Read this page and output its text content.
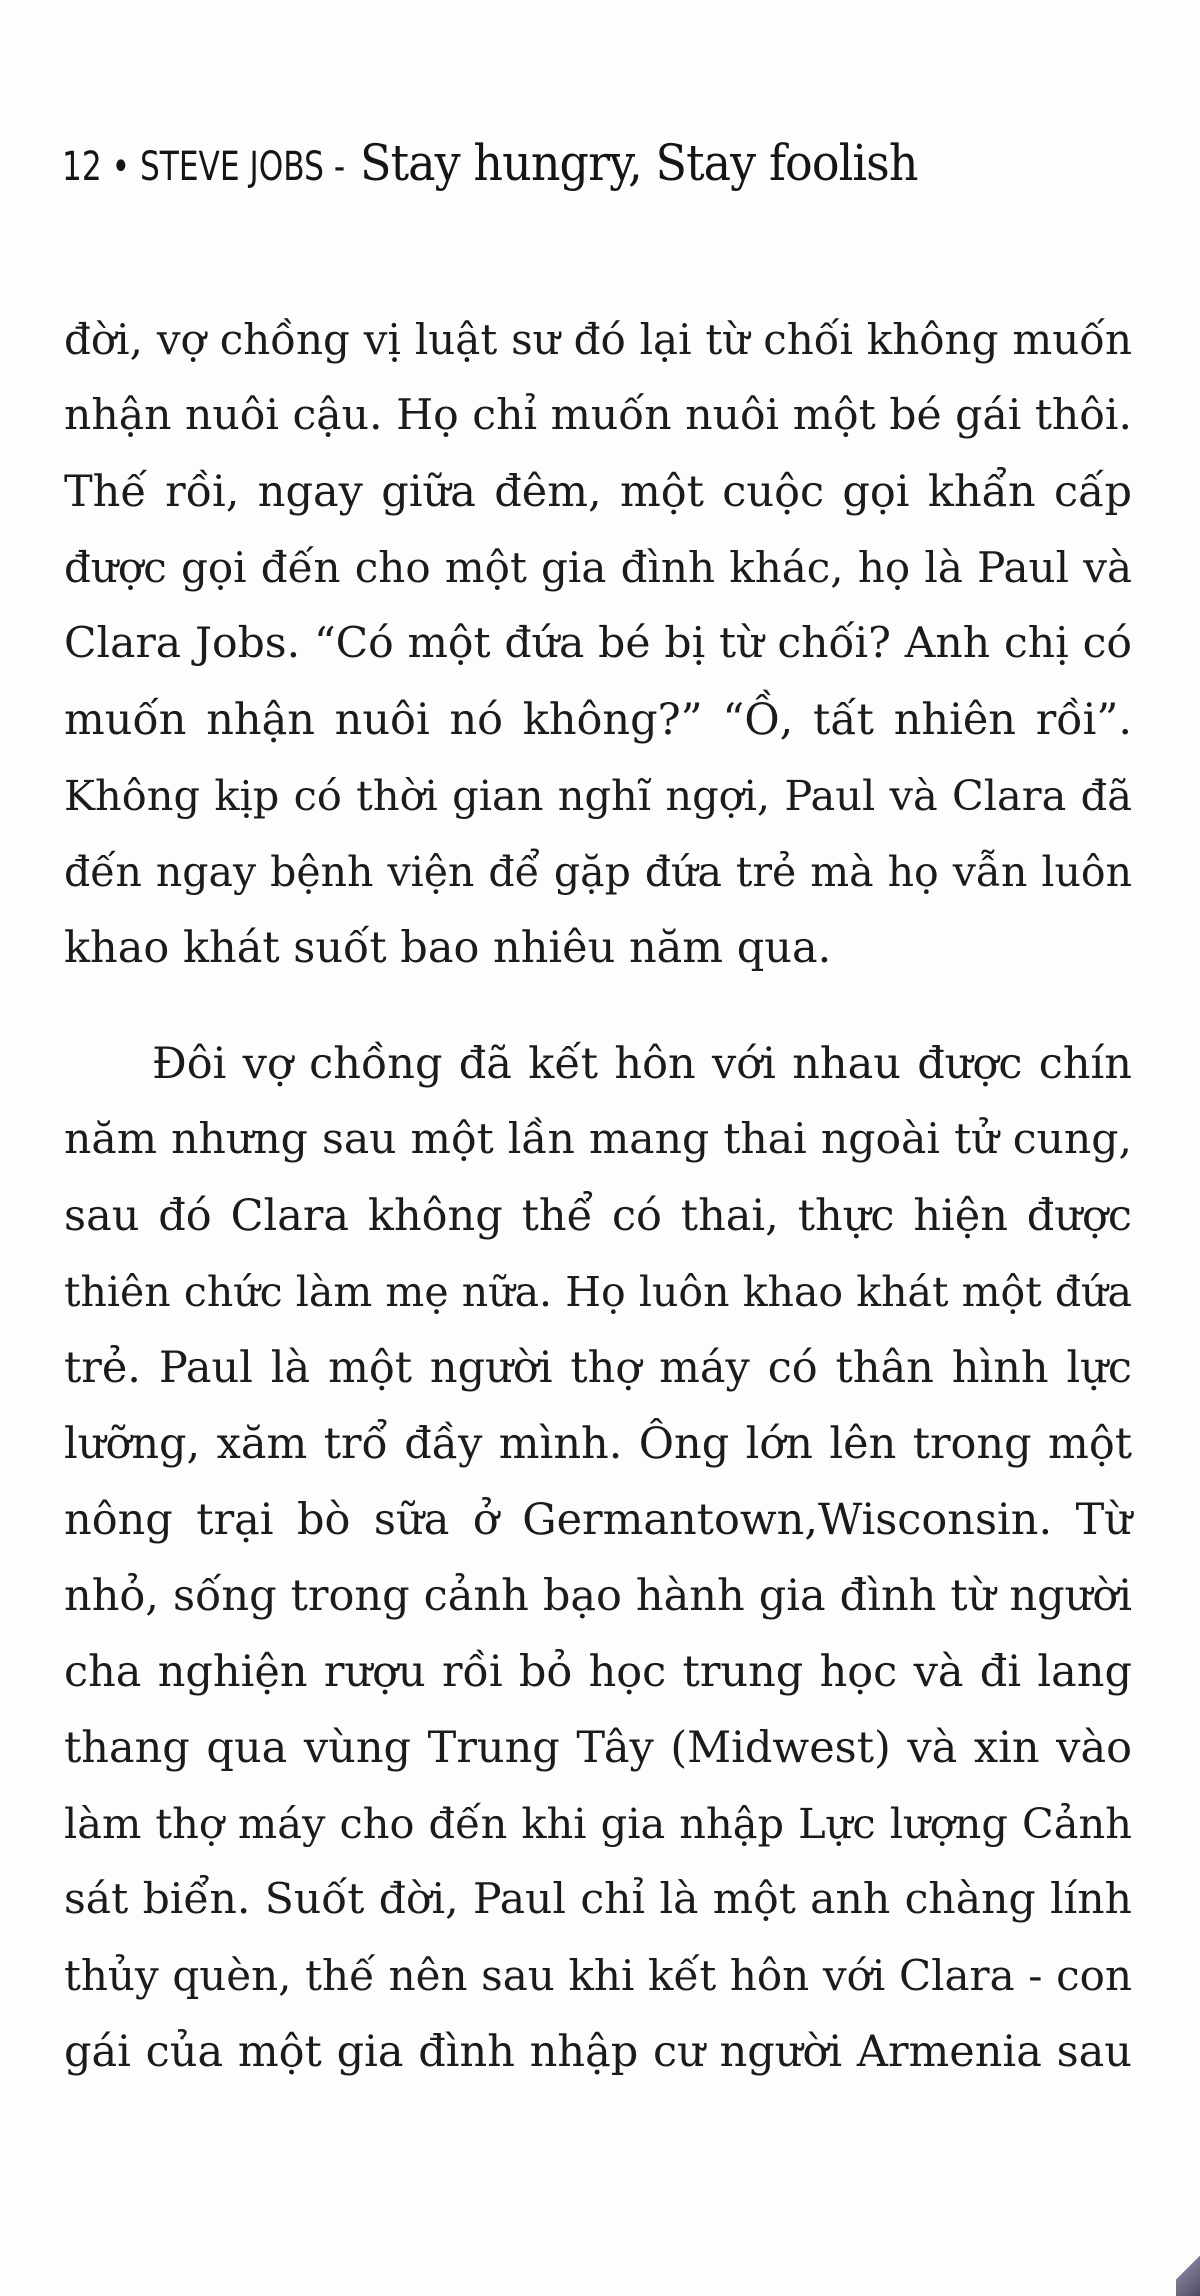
12 • STEVE JOBS - Stay hungry, Stay foolish
đời, vợ chồng vị luật sư đó lại từ chối không muốn
nhận nuôi cậu. Họ chỉ muốn nuôi một bé gái thôi.
Thế rồi, ngay giữa đêm, một cuộc gọi khẩn cấp
được gọi đến cho một gia đình khác, họ là Paul và
Clara Jobs. “Có một đứa bé bị từ chối? Anh chị có
muốn nhận nuôi nó không?” “Ồ, tất nhiên rồi”.
Không kịp có thời gian nghĩ ngợi, Paul và Clara đã
đến ngay bệnh viện để gặp đứa trẻ mà họ vẫn luôn
khao khát suốt bao nhiêu năm qua.
Đôi vợ chồng đã kết hôn với nhau được chín
năm nhưng sau một lần mang thai ngoài tử cung,
sau đó Clara không thể có thai, thực hiện được
thiên chức làm mẹ nữa. Họ luôn khao khát một đứa
trẻ. Paul là một người thợ máy có thân hình lực
lưỡng, xăm trổ đầy mình. Ông lớn lên trong một
nông trại bò sữa ở Germantown,Wisconsin. Từ
nhỏ, sống trong cảnh bạo hành gia đình từ người
cha nghiện rượu rồi bỏ học trung học và đi lang
thang qua vùng Trung Tây (Midwest) và xin vào
làm thợ máy cho đến khi gia nhập Lực lượng Cảnh
sát biển. Suốt đời, Paul chỉ là một anh chàng lính
thủy quèn, thế nên sau khi kết hôn với Clara - con
gái của một gia đình nhập cư người Armenia sau
